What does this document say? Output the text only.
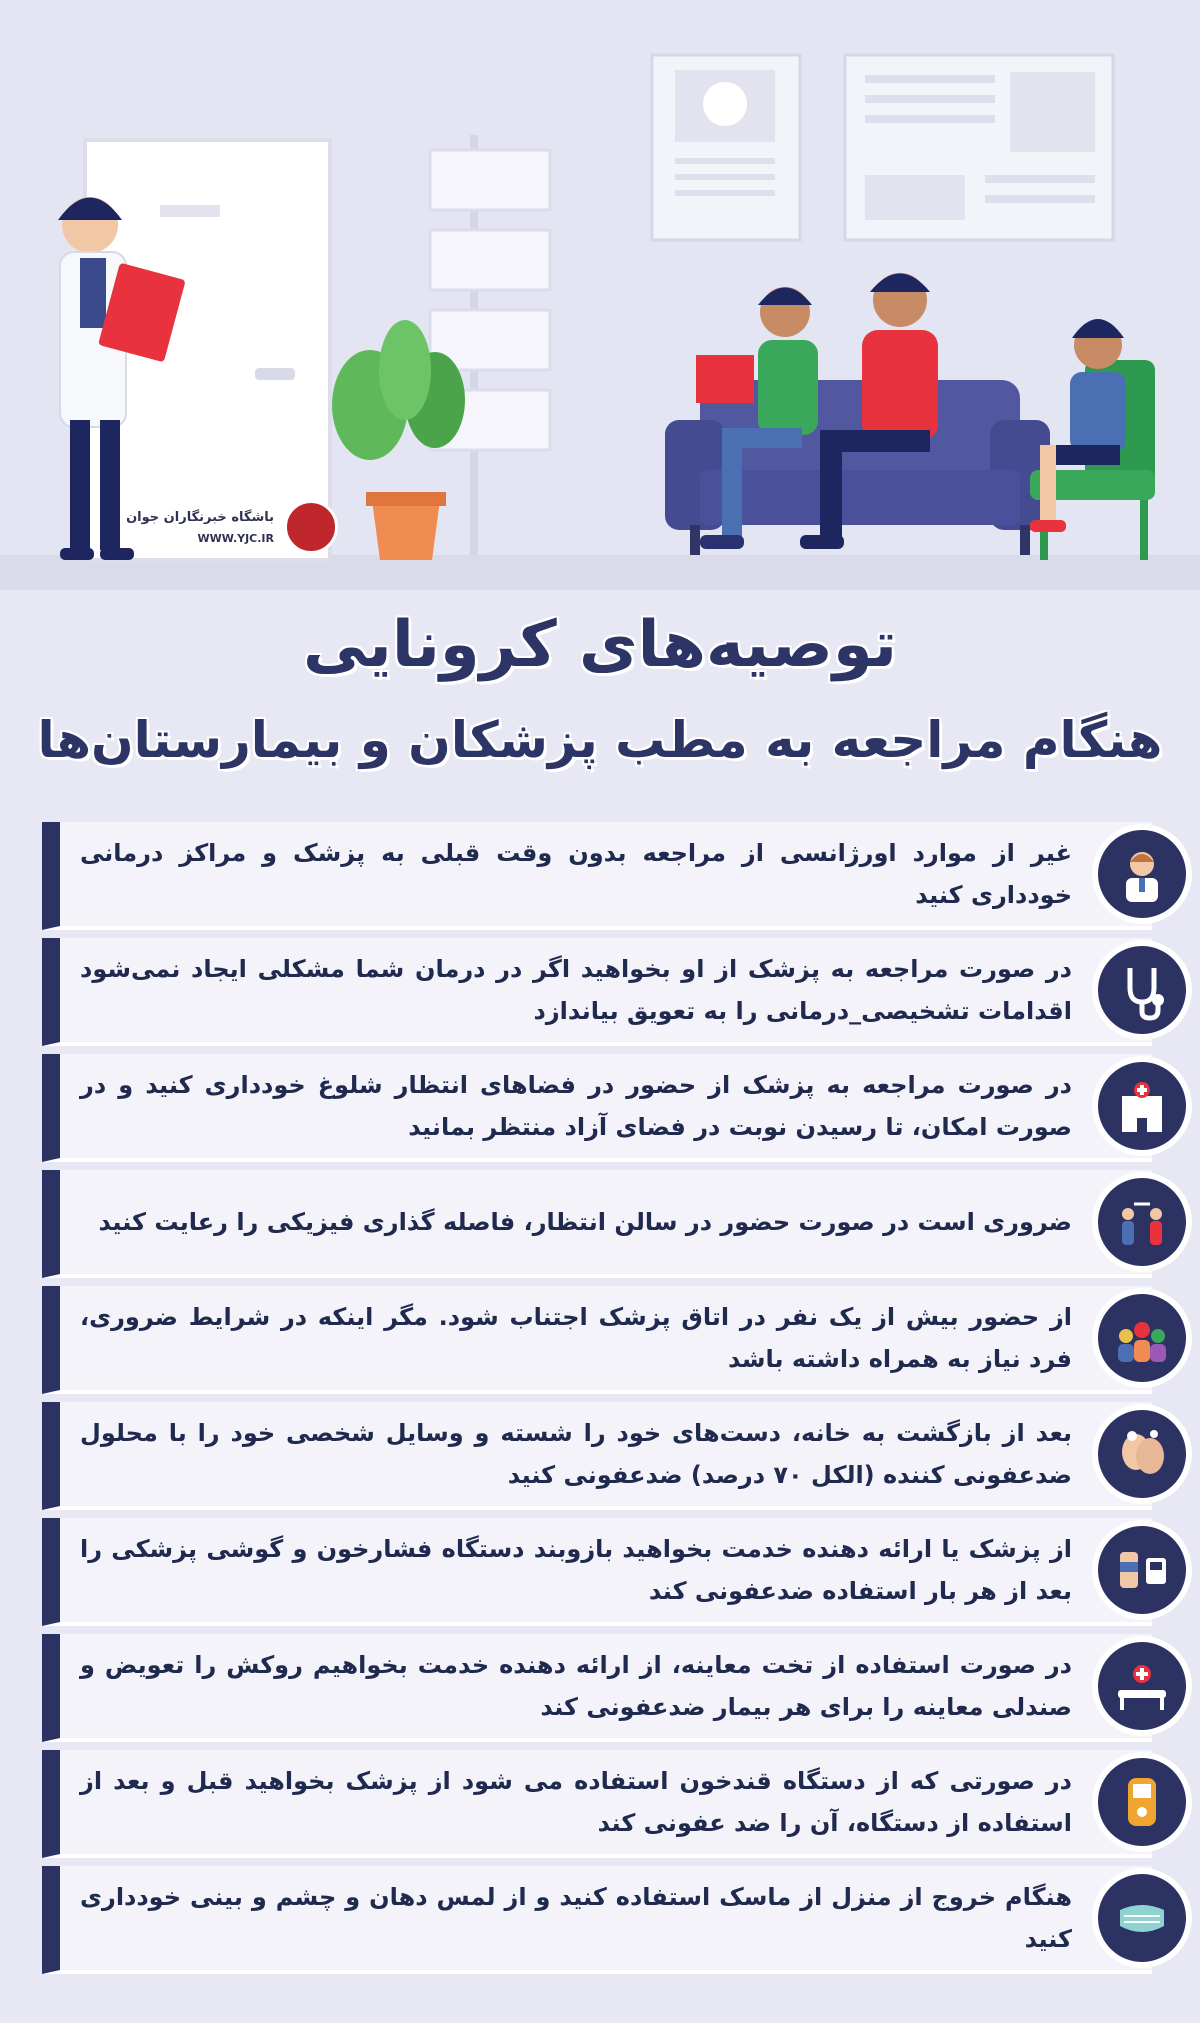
باشگاه خبرنگاران جوان
WWW.YJC.IR
توصیه‌های کرونایی
هنگام مراجعه به مطب پزشکان و بیمارستان‌ها
غیر از موارد اورژانسی از مراجعه بدون وقت قبلی به پزشک و مراکز درمانی خودداری کنید
در صورت مراجعه به پزشک از او بخواهید اگر در درمان شما مشکلی ایجاد نمی‌شود اقدامات تشخیصی_درمانی را به تعویق بیاندازد
در صورت مراجعه به پزشک از حضور در فضاهای انتظار شلوغ خودداری کنید و در صورت امکان، تا رسیدن نوبت در فضای آزاد منتظر بمانید
ضروری است در صورت حضور در سالن انتظار، فاصله گذاری فیزیکی را رعایت کنید
از حضور بیش از یک نفر در اتاق پزشک اجتناب شود. مگر اینکه در شرایط ضروری، فرد نیاز به همراه داشته باشد
بعد از بازگشت به خانه، دست‌های خود را شسته و وسایل شخصی خود را با محلول ضدعفونی کننده (الکل ۷۰ درصد) ضدعفونی کنید
از پزشک یا ارائه دهنده خدمت بخواهید بازوبند دستگاه فشارخون و گوشی پزشکی را بعد از هر بار استفاده ضدعفونی کند
در صورت استفاده از تخت معاینه، از ارائه دهنده خدمت بخواهیم روکش را تعویض و صندلی معاینه را برای هر بیمار ضدعفونی کند
در صورتی که از دستگاه قندخون استفاده می شود از پزشک بخواهید قبل و بعد از استفاده از دستگاه، آن را ضد عفونی کند
هنگام خروج از منزل از ماسک استفاده کنید و از لمس دهان و چشم و بینی خودداری کنید
